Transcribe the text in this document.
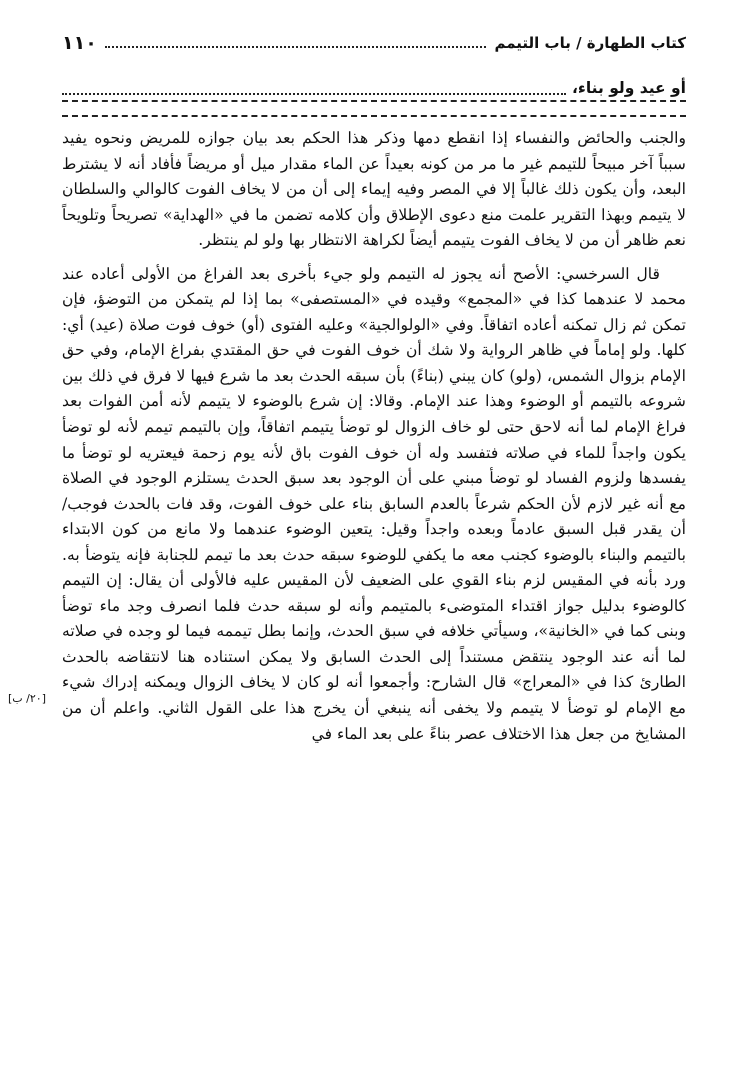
كتاب الطهارة / باب التيمم
١١٠
أو عيد ولو بناء،

والجنب والحائض والنفساء إذا انقطع دمها وذكر هذا الحكم بعد بيان جوازه للمريض ونحوه يفيد سبباً آخر مبيحاً للتيمم غير ما مر من كونه بعيداً عن الماء مقدار ميل أو مريضاً فأفاد أنه لا يشترط البعد، وأن يكون ذلك غالباً إلا في المصر وفيه إيماء إلى أن من لا يخاف الفوت كالوالي والسلطان لا يتيمم وبهذا التقرير علمت منع دعوى الإطلاق وأن كلامه تضمن ما في «الهداية» تصريحاً وتلويحاً نعم ظاهر أن من لا يخاف الفوت يتيمم أيضاً لكراهة الانتظار بها ولو لم ينتظر.

قال السرخسي: الأصح أنه يجوز له التيمم ولو جيء بأخرى بعد الفراغ من الأولى أعاده عند محمد لا عندهما كذا في «المجمع» وقيده في «المستصفى» بما إذا لم يتمكن من التوضؤ، فإن تمكن ثم زال تمكنه أعاده اتفاقاً. وفي «الولوالجية» وعليه الفتوى (أو) خوف فوت صلاة (عيد) أي: كلها. ولو إماماً في ظاهر الرواية ولا شك أن خوف الفوت في حق المقتدي بفراغ الإمام، وفي حق الإمام بزوال الشمس، (ولو) كان يبني (بناءً) بأن سبقه الحدث بعد ما شرع فيها لا فرق في ذلك بين شروعه بالتيمم أو الوضوء وهذا عند الإمام. وقالا: إن شرع بالوضوء لا يتيمم لأنه أمن الفوات بعد فراغ الإمام لما أنه لاحق حتى لو خاف الزوال لو توضأ يتيمم اتفاقاً، وإن بالتيمم تيمم لأنه لو توضأ يكون واجداً للماء في صلاته فتفسد وله أن خوف الفوت باق لأنه يوم زحمة فيعتريه لو توضأ ما يفسدها ولزوم الفساد لو توضأ مبني على أن الوجود بعد سبق الحدث يستلزم الوجود في الصلاة مع أنه غير لازم لأن الحكم شرعاً بالعدم السابق بناء على خوف الفوت، وقد فات بالحدث فوجب/ أن يقدر قبل السبق عادماً وبعده واجداً وقيل: يتعين الوضوء عندهما ولا مانع من كون الابتداء بالتيمم والبناء بالوضوء كجنب معه ما يكفي للوضوء سبقه حدث بعد ما تيمم للجنابة فإنه يتوضأ به. ورد بأنه في المقيس لزم بناء القوي على الضعيف لأن المقيس عليه فالأولى أن يقال: إن التيمم كالوضوء بدليل جواز اقتداء المتوضىء بالمتيمم وأنه لو سبقه حدث فلما انصرف وجد ماء توضأ وبنى كما في «الخانية»، وسيأتي خلافه في سبق الحدث، وإنما بطل تيممه فيما لو وجده في صلاته لما أنه عند الوجود ينتقض مستنداً إلى الحدث السابق ولا يمكن استناده هنا لانتقاضه بالحدث الطارئ كذا في «المعراج» قال الشارح: وأجمعوا أنه لو كان لا يخاف الزوال ويمكنه إدراك شيء مع الإمام لو توضأ لا يتيمم ولا يخفى أنه ينبغي أن يخرج هذا على القول الثاني. واعلم أن من المشايخ من جعل هذا الاختلاف عصر بناءً على بعد الماء في

[٢٠/ ب]
